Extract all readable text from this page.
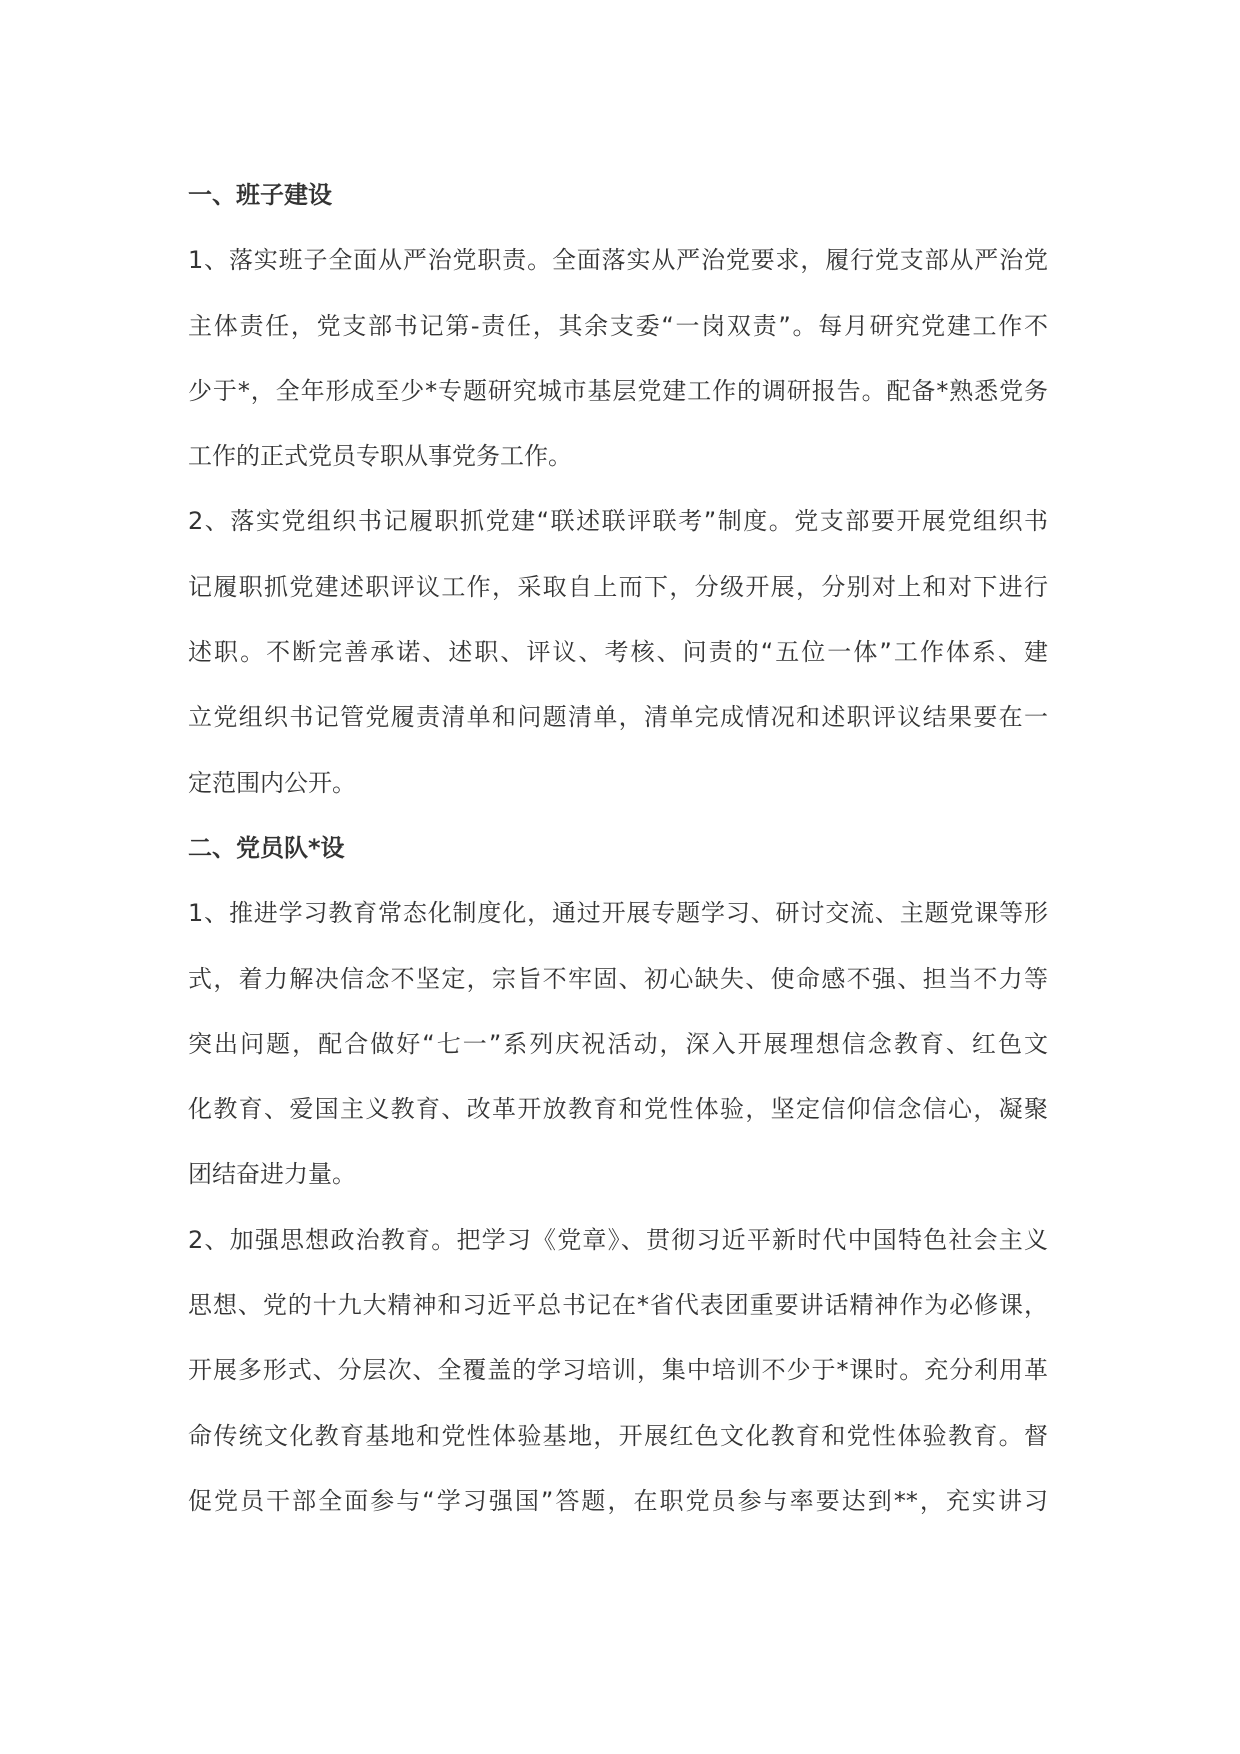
一、班子建设
1、落实班子全面从严治党职责。全面落实从严治党要求，履行党支部从严治党
主体责任，党支部书记第-责任，其余支委“一岗双责”。每月研究党建工作不
少于*，全年形成至少*专题研究城市基层党建工作的调研报告。配备*熟悉党务
工作的正式党员专职从事党务工作。
2、落实党组织书记履职抓党建“联述联评联考”制度。党支部要开展党组织书
记履职抓党建述职评议工作，采取自上而下，分级开展，分别对上和对下进行
述职。不断完善承诺、述职、评议、考核、问责的“五位一体”工作体系、建
立党组织书记管党履责清单和问题清单，清单完成情况和述职评议结果要在一
定范围内公开。
二、党员队*设
1、推进学习教育常态化制度化，通过开展专题学习、研讨交流、主题党课等形
式，着力解决信念不坚定，宗旨不牢固、初心缺失、使命感不强、担当不力等
突出问题，配合做好“七一”系列庆祝活动，深入开展理想信念教育、红色文
化教育、爱国主义教育、改革开放教育和党性体验，坚定信仰信念信心，凝聚
团结奋进力量。
2、加强思想政治教育。把学习《党章》、贯彻习近平新时代中国特色社会主义
思想、党的十九大精神和习近平总书记在*省代表团重要讲话精神作为必修课，
开展多形式、分层次、全覆盖的学习培训，集中培训不少于*课时。充分利用革
命传统文化教育基地和党性体验基地，开展红色文化教育和党性体验教育。督
促党员干部全面参与“学习强国”答题，在职党员参与率要达到**，充实讲习
